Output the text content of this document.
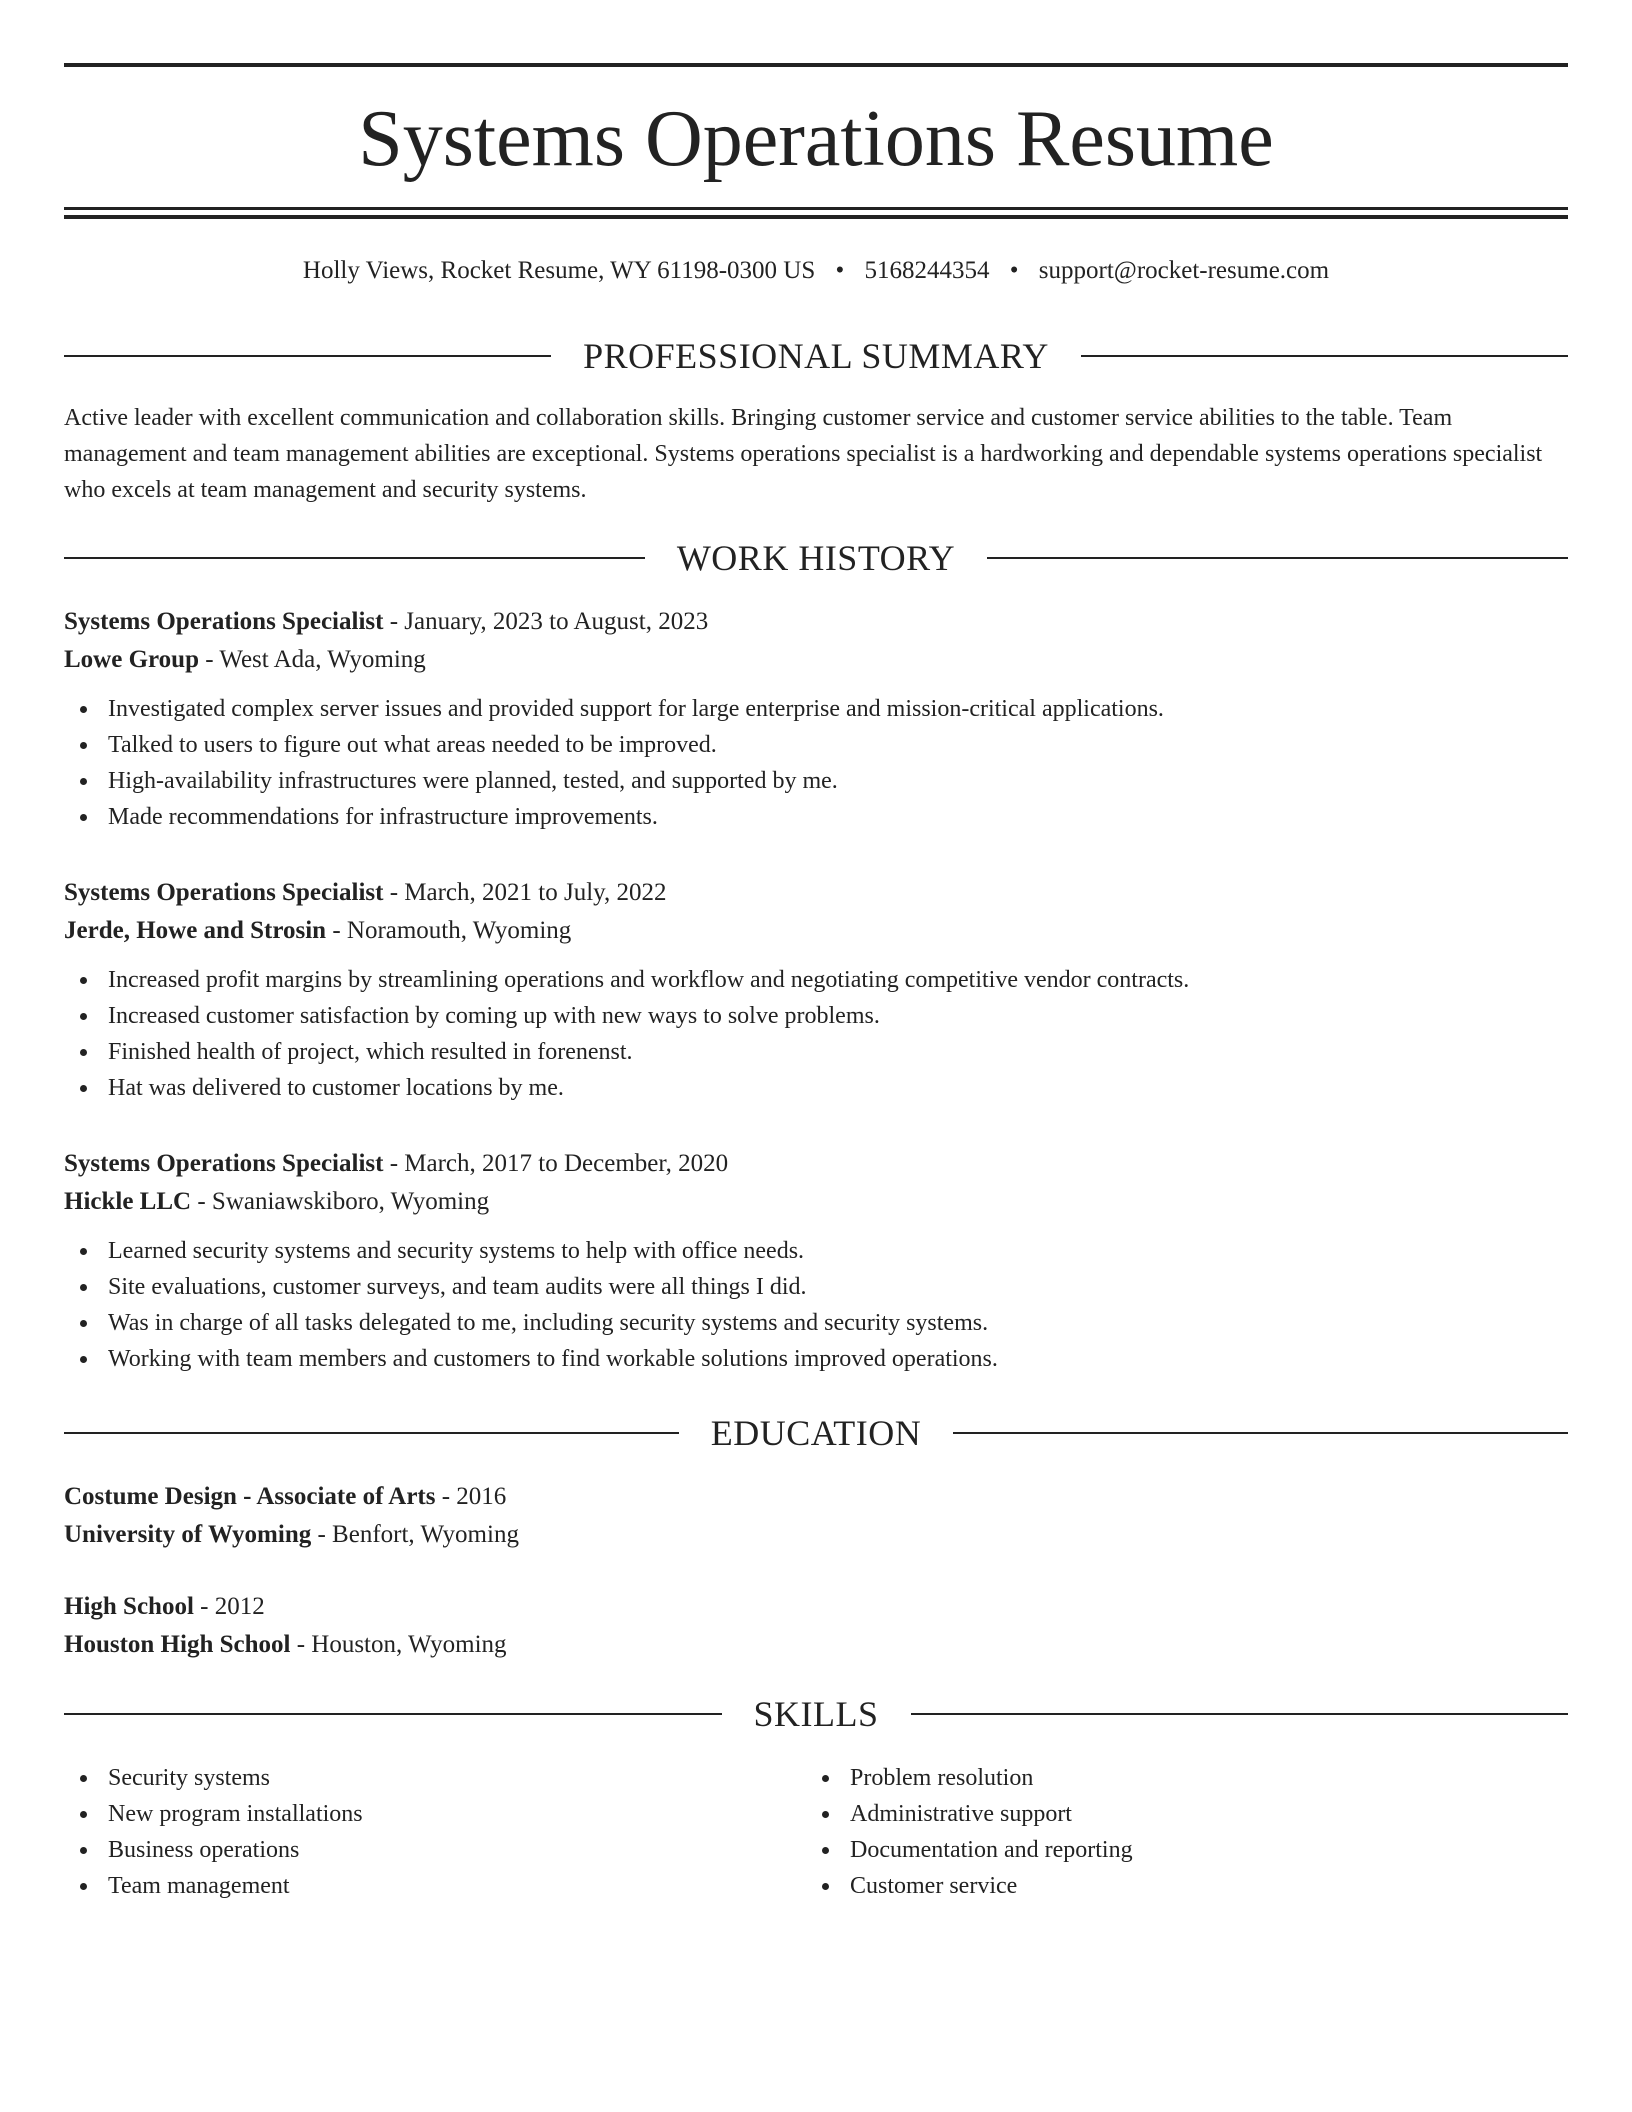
Systems Operations Resume
Holly Views, Rocket Resume, WY 61198-0300 US • 5168244354 • support@rocket-resume.com
PROFESSIONAL SUMMARY

Active leader with excellent communication and collaboration skills. Bringing customer service and customer service abilities to the table. Team management and team management abilities are exceptional. Systems operations specialist is a hardworking and dependable systems operations specialist who excels at team management and security systems.

WORK HISTORY

Systems Operations Specialist - January, 2023 to August, 2023

Lowe Group - West Ada, Wyoming

Investigated complex server issues and provided support for large enterprise and mission-critical applications.
Talked to users to figure out what areas needed to be improved.
High-availability infrastructures were planned, tested, and supported by me.
Made recommendations for infrastructure improvements.

Systems Operations Specialist - March, 2021 to July, 2022

Jerde, Howe and Strosin - Noramouth, Wyoming

Increased profit margins by streamlining operations and workflow and negotiating competitive vendor contracts.
Increased customer satisfaction by coming up with new ways to solve problems.
Finished health of project, which resulted in forenenst.
Hat was delivered to customer locations by me.

Systems Operations Specialist - March, 2017 to December, 2020

Hickle LLC - Swaniawskiboro, Wyoming

Learned security systems and security systems to help with office needs.
Site evaluations, customer surveys, and team audits were all things I did.
Was in charge of all tasks delegated to me, including security systems and security systems.
Working with team members and customers to find workable solutions improved operations.
EDUCATION

Costume Design - Associate of Arts - 2016

University of Wyoming - Benfort, Wyoming

High School - 2012

Houston High School - Houston, Wyoming

SKILLS
Security systems
New program installations
Business operations
Team management
Problem resolution
Administrative support
Documentation and reporting
Customer service
